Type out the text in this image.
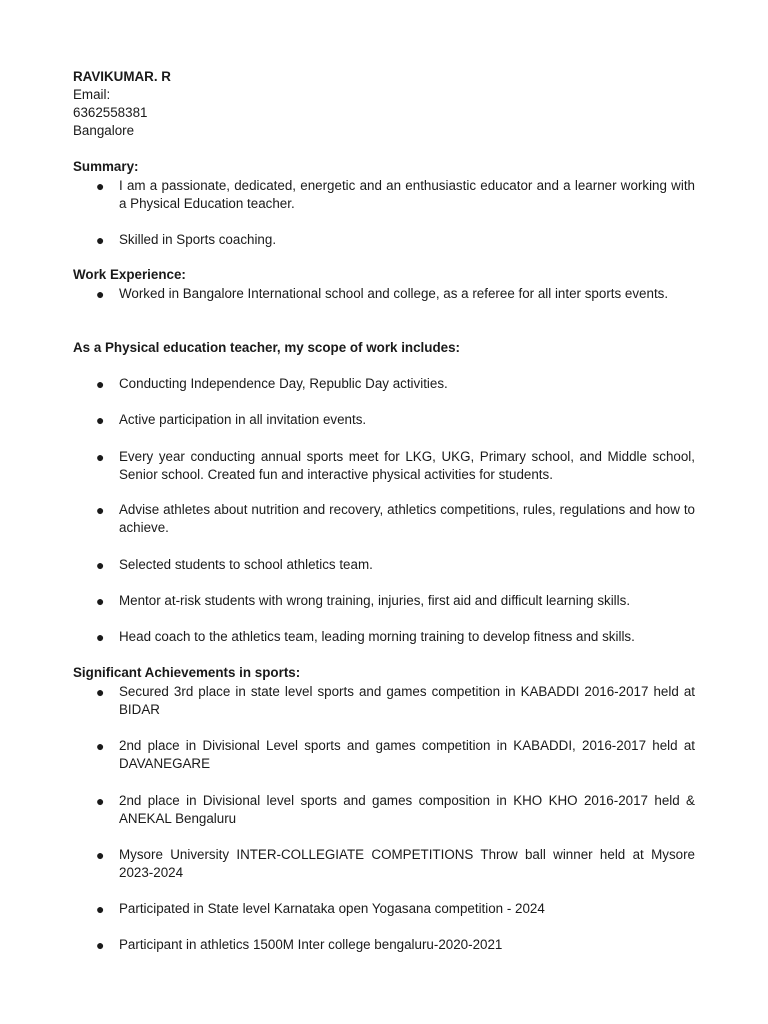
RAVIKUMAR. R
Email:
6362558381
Bangalore
Summary:
● I am a passionate, dedicated, energetic and an enthusiastic educator and a learner working with a Physical Education teacher.
● Skilled in Sports coaching.
Work Experience:
● Worked in Bangalore International school and college, as a referee for all inter sports events.
As a Physical education teacher, my scope of work includes:
● Conducting Independence Day, Republic Day activities.
● Active participation in all invitation events.
● Every year conducting annual sports meet for LKG, UKG, Primary school, and Middle school, Senior school. Created fun and interactive physical activities for students.
● Advise athletes about nutrition and recovery, athletics competitions, rules, regulations and how to achieve.
● Selected students to school athletics team.
● Mentor at-risk students with wrong training, injuries, first aid and difficult learning skills.
● Head coach to the athletics team, leading morning training to develop fitness and skills.
Significant Achievements in sports:
● Secured 3rd place in state level sports and games competition in KABADDI 2016-2017 held at BIDAR
● 2nd place in Divisional Level sports and games competition in KABADDI, 2016-2017 held at DAVANEGARE
● 2nd place in Divisional level sports and games composition in KHO KHO 2016-2017 held & ANEKAL Bengaluru
● Mysore University INTER-COLLEGIATE COMPETITIONS Throw ball winner held at Mysore 2023-2024
● Participated in State level Karnataka open Yogasana competition - 2024
● Participant in athletics 1500M Inter college bengaluru-2020-2021
